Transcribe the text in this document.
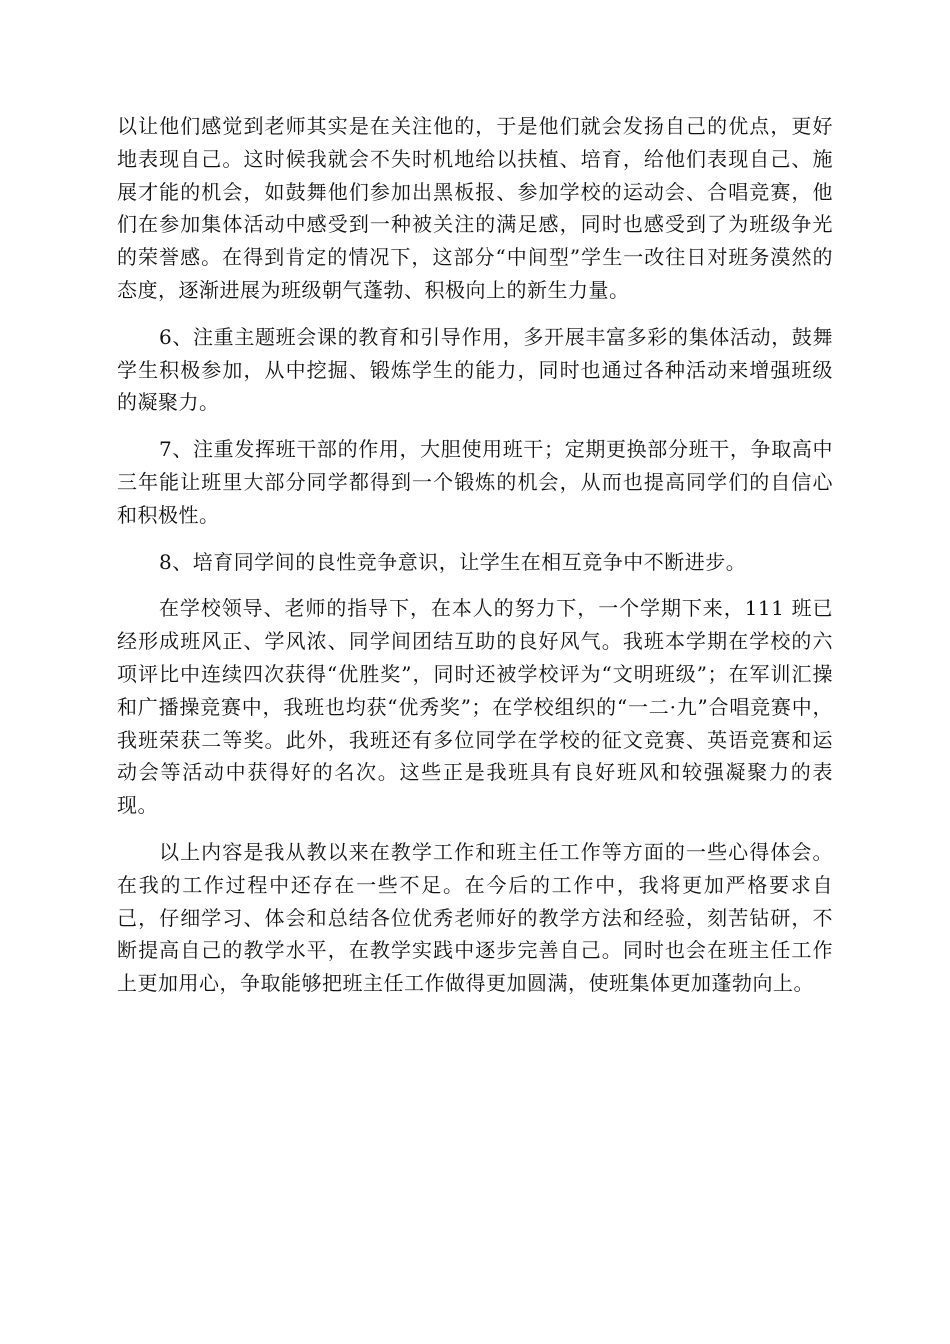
以让他们感觉到老师其实是在关注他的，于是他们就会发扬自己的优点，更好地表现自己。这时候我就会不失时机地给以扶植、培育，给他们表现自己、施展才能的机会，如鼓舞他们参加出黑板报、参加学校的运动会、合唱竞赛，他们在参加集体活动中感受到一种被关注的满足感，同时也感受到了为班级争光的荣誉感。在得到肯定的情况下，这部分“中间型”学生一改往日对班务漠然的态度，逐渐进展为班级朝气蓬勃、积极向上的新生力量。

6、注重主题班会课的教育和引导作用，多开展丰富多彩的集体活动，鼓舞学生积极参加，从中挖掘、锻炼学生的能力，同时也通过各种活动来增强班级的凝聚力。

7、注重发挥班干部的作用，大胆使用班干；定期更换部分班干，争取高中三年能让班里大部分同学都得到一个锻炼的机会，从而也提高同学们的自信心和积极性。

8、培育同学间的良性竞争意识，让学生在相互竞争中不断进步。

在学校领导、老师的指导下，在本人的努力下，一个学期下来，111 班已经形成班风正、学风浓、同学间团结互助的良好风气。我班本学期在学校的六项评比中连续四次获得“优胜奖”，同时还被学校评为“文明班级”；在军训汇操和广播操竞赛中，我班也均获“优秀奖”；在学校组织的“一二·九”合唱竞赛中，我班荣获二等奖。此外，我班还有多位同学在学校的征文竞赛、英语竞赛和运动会等活动中获得好的名次。这些正是我班具有良好班风和较强凝聚力的表现。

以上内容是我从教以来在教学工作和班主任工作等方面的一些心得体会。在我的工作过程中还存在一些不足。在今后的工作中，我将更加严格要求自己，仔细学习、体会和总结各位优秀老师好的教学方法和经验，刻苦钻研，不断提高自己的教学水平，在教学实践中逐步完善自己。同时也会在班主任工作上更加用心，争取能够把班主任工作做得更加圆满，使班集体更加蓬勃向上。
